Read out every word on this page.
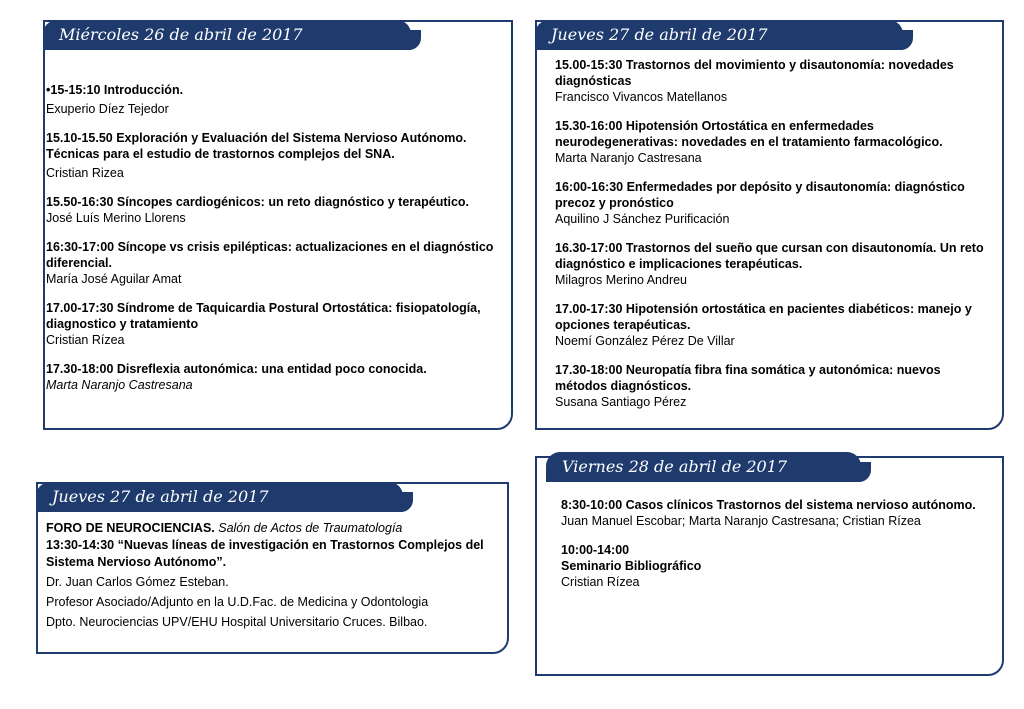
Miércoles 26 de abril de 2017

•15-15:10 Introducción.

Exuperio Díez Tejedor

15.10-15.50 Exploración y Evaluación del Sistema Nervioso Autónomo. Técnicas para el estudio de trastornos complejos del SNA.

Cristian Rizea

15.50-16:30 Síncopes cardiogénicos: un reto diagnóstico y terapéutico.

José Luís Merino Llorens

16:30-17:00 Síncope vs crisis epilépticas: actualizaciones en el diagnóstico diferencial.

María José Aguilar Amat

17.00-17:30 Síndrome de Taquicardia Postural Ortostática: fisiopatología, diagnostico y tratamiento

Cristian Rízea

17.30-18:00 Disreflexia autonómica: una entidad poco conocida.

Marta Naranjo Castresana

Jueves 27 de abril de 2017

15.00-15:30 Trastornos del movimiento y disautonomía: novedades diagnósticas

Francisco Vivancos Matellanos

15.30-16:00 Hipotensión Ortostática en enfermedades neurodegenerativas: novedades en el tratamiento farmacológico.

Marta Naranjo Castresana

16:00-16:30 Enfermedades por depósito y disautonomía: diagnóstico precoz y pronóstico

Aquilino J Sánchez Purificación

16.30-17:00 Trastornos del sueño que cursan con disautonomía. Un reto diagnóstico e implicaciones terapéuticas.

Milagros Merino Andreu

17.00-17:30 Hipotensión ortostática en pacientes diabéticos: manejo y opciones terapéuticas.

Noemí González Pérez De Villar

17.30-18:00 Neuropatía fibra fina somática y autonómica: nuevos métodos diagnósticos.

Susana Santiago Pérez

Jueves 27 de abril de 2017

FORO DE NEUROCIENCIAS. Salón de Actos de Traumatología

13:30-14:30 “Nuevas líneas de investigación en Trastornos Complejos del Sistema Nervioso Autónomo”.

Dr. Juan Carlos Gómez Esteban.

Profesor Asociado/Adjunto en la U.D.Fac. de Medicina y Odontologia

Dpto. Neurociencias UPV/EHU Hospital Universitario Cruces. Bilbao.

Viernes 28 de abril de 2017

8:30-10:00 Casos clínicos Trastornos del sistema nervioso autónomo.

Juan Manuel Escobar; Marta Naranjo Castresana; Cristian Rízea

10:00-14:00
Seminario Bibliográfico

Cristian Rízea
